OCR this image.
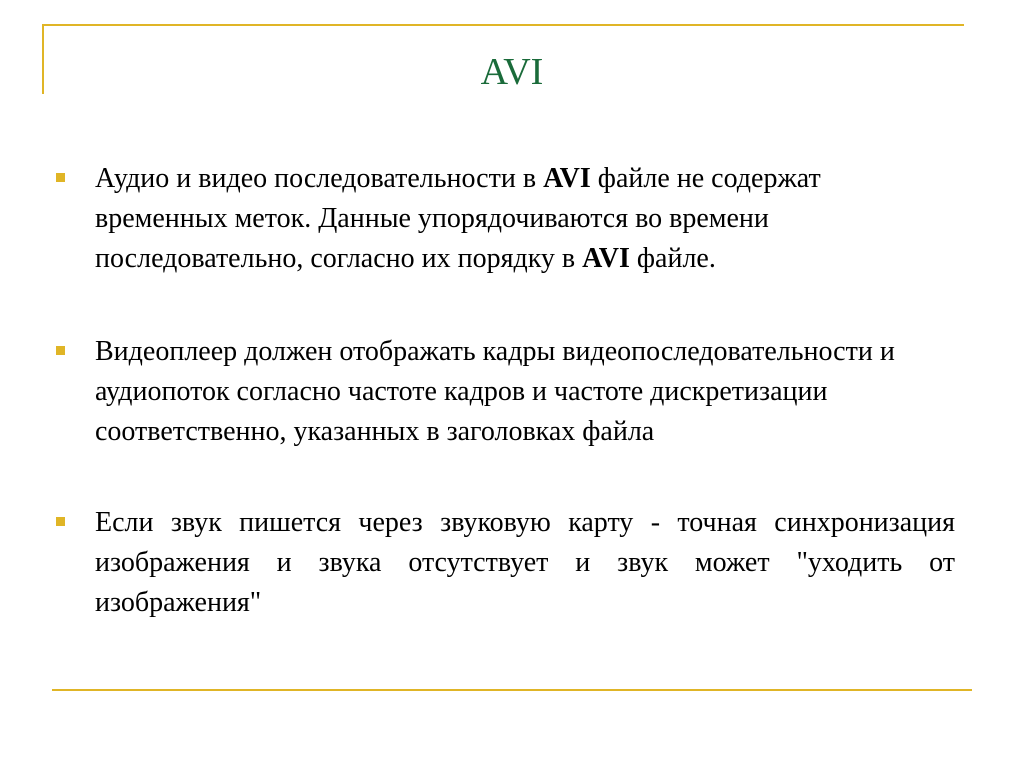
AVI
Аудио и видео последовательности в AVI файле не содержат временных меток. Данные упорядочиваются во времени последовательно, согласно их порядку в AVI файле.
Видеоплеер должен отображать кадры видеопоследовательности и аудиопоток согласно частоте кадров и частоте дискретизации соответственно, указанных в заголовках файла
Если звук пишется через звуковую карту - точная синхронизация изображения и звука отсутствует и звук может "уходить от изображения"
